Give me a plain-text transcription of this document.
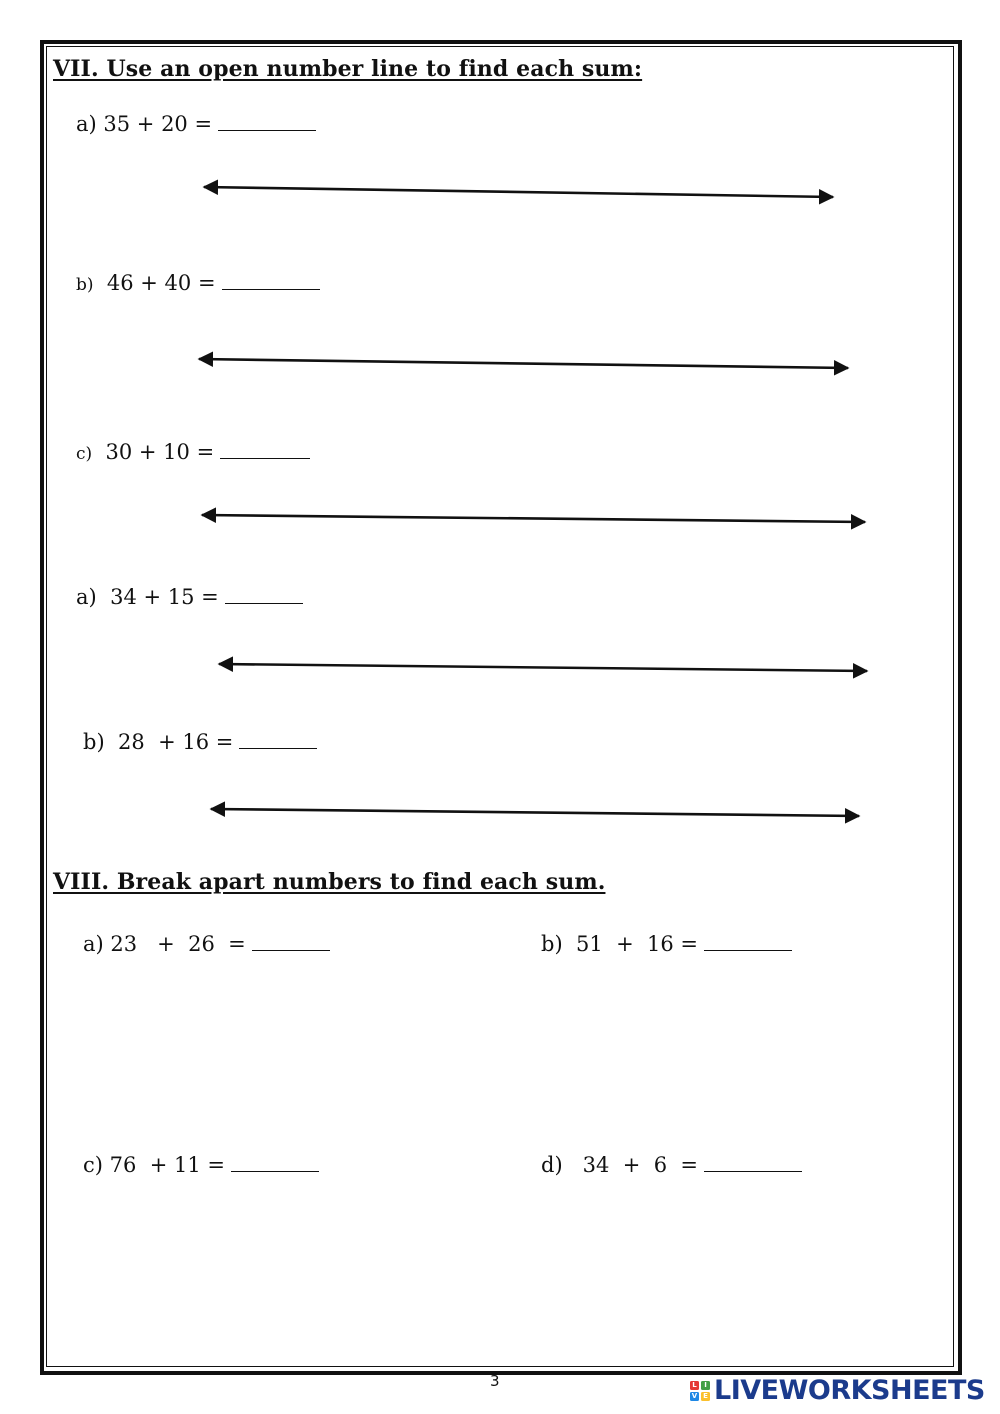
VII. Use an open number line to find each sum:
a) 35 + 20 =
b) 46 + 40 =
c) 30 + 10 =
a) 34 + 15 =
b) 28  + 16 =
VIII. Break apart numbers to find each sum.
a) 23   +  26  =	b) 51  +  16 =
c) 76  + 11 =	d) 34  +  6  =
3	L	I
V E LIVEWORKSHEETS
